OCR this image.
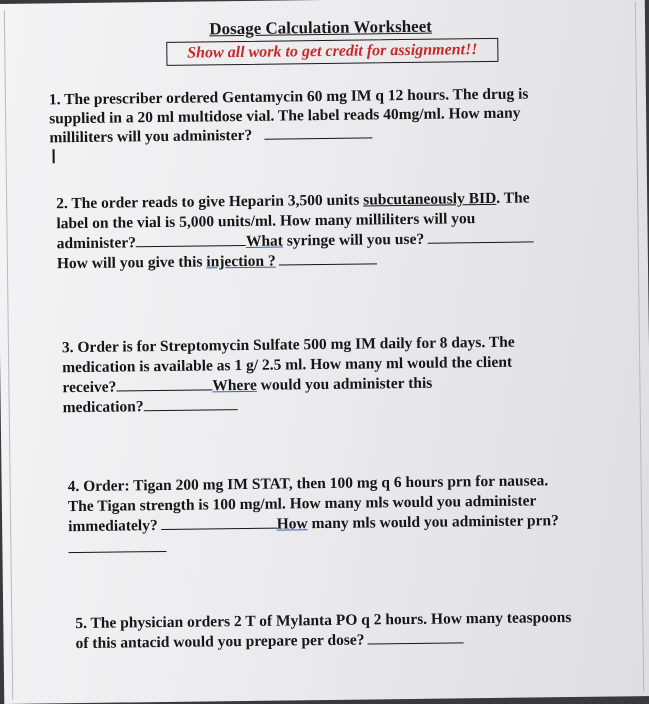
Dosage Calculation Worksheet
Show all work to get credit for assignment!!
1. The prescriber ordered Gentamycin 60 mg IM q 12 hours. The drug is
supplied in a 20 ml multidose vial. The label reads 40mg/ml. How many
milliliters will you administer?
2. The order reads to give Heparin 3,500 units subcutaneously BID. The
label on the vial is 5,000 units/ml. How many milliliters will you
administer?	What syringe will you use?
How will you give this injection ?
3. Order is for Streptomycin Sulfate 500 mg IM daily for 8 days. The
medication is available as 1 g/ 2.5 ml. How many ml would the client
receive?	Where would you administer this
medication?
4. Order: Tigan 200 mg IM STAT, then 100 mg q 6 hours prn for nausea.
The Tigan strength is 100 mg/ml. How many mls would you administer
immediately?	How many mls would you administer prn?
5. The physician orders 2 T of Mylanta PO q 2 hours. How many teaspoons
of this antacid would you prepare per dose?
